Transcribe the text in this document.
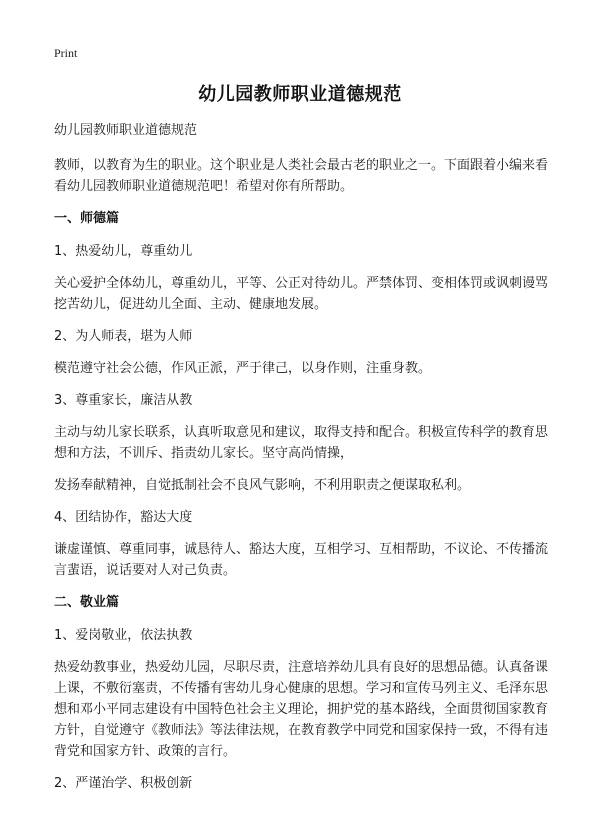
Print
幼儿园教师职业道德规范

幼儿园教师职业道德规范

教师，以教育为生的职业。这个职业是人类社会最古老的职业之一。下面跟着小编来看看幼儿园教师职业道德规范吧！希望对你有所帮助。

一、师德篇

1、热爱幼儿，尊重幼儿

关心爱护全体幼儿，尊重幼儿，平等、公正对待幼儿。严禁体罚、变相体罚或讽刺谩骂挖苦幼儿，促进幼儿全面、主动、健康地发展。

2、为人师表，堪为人师

模范遵守社会公德，作风正派，严于律己，以身作则，注重身教。

3、尊重家长，廉洁从教

主动与幼儿家长联系，认真听取意见和建议，取得支持和配合。积极宣传科学的教育思想和方法，不训斥、指责幼儿家长。坚守高尚情操，

发扬奉献精神，自觉抵制社会不良风气影响，不利用职责之便谋取私利。

4、团结协作，豁达大度

谦虚谨慎、尊重同事，诚恳待人、豁达大度，互相学习、互相帮助，不议论、不传播流言蜚语，说话要对人对己负责。

二、敬业篇

1、爱岗敬业，依法执教

热爱幼教事业，热爱幼儿园，尽职尽责，注意培养幼儿具有良好的思想品德。认真备课上课，不敷衍塞责，不传播有害幼儿身心健康的思想。学习和宣传马列主义、毛泽东思想和邓小平同志建设有中国特色社会主义理论，拥护党的基本路线，全面贯彻国家教育方针，自觉遵守《教师法》等法律法规，在教育教学中同党和国家保持一致，不得有违背党和国家方针、政策的言行。

2、严谨治学、积极创新
